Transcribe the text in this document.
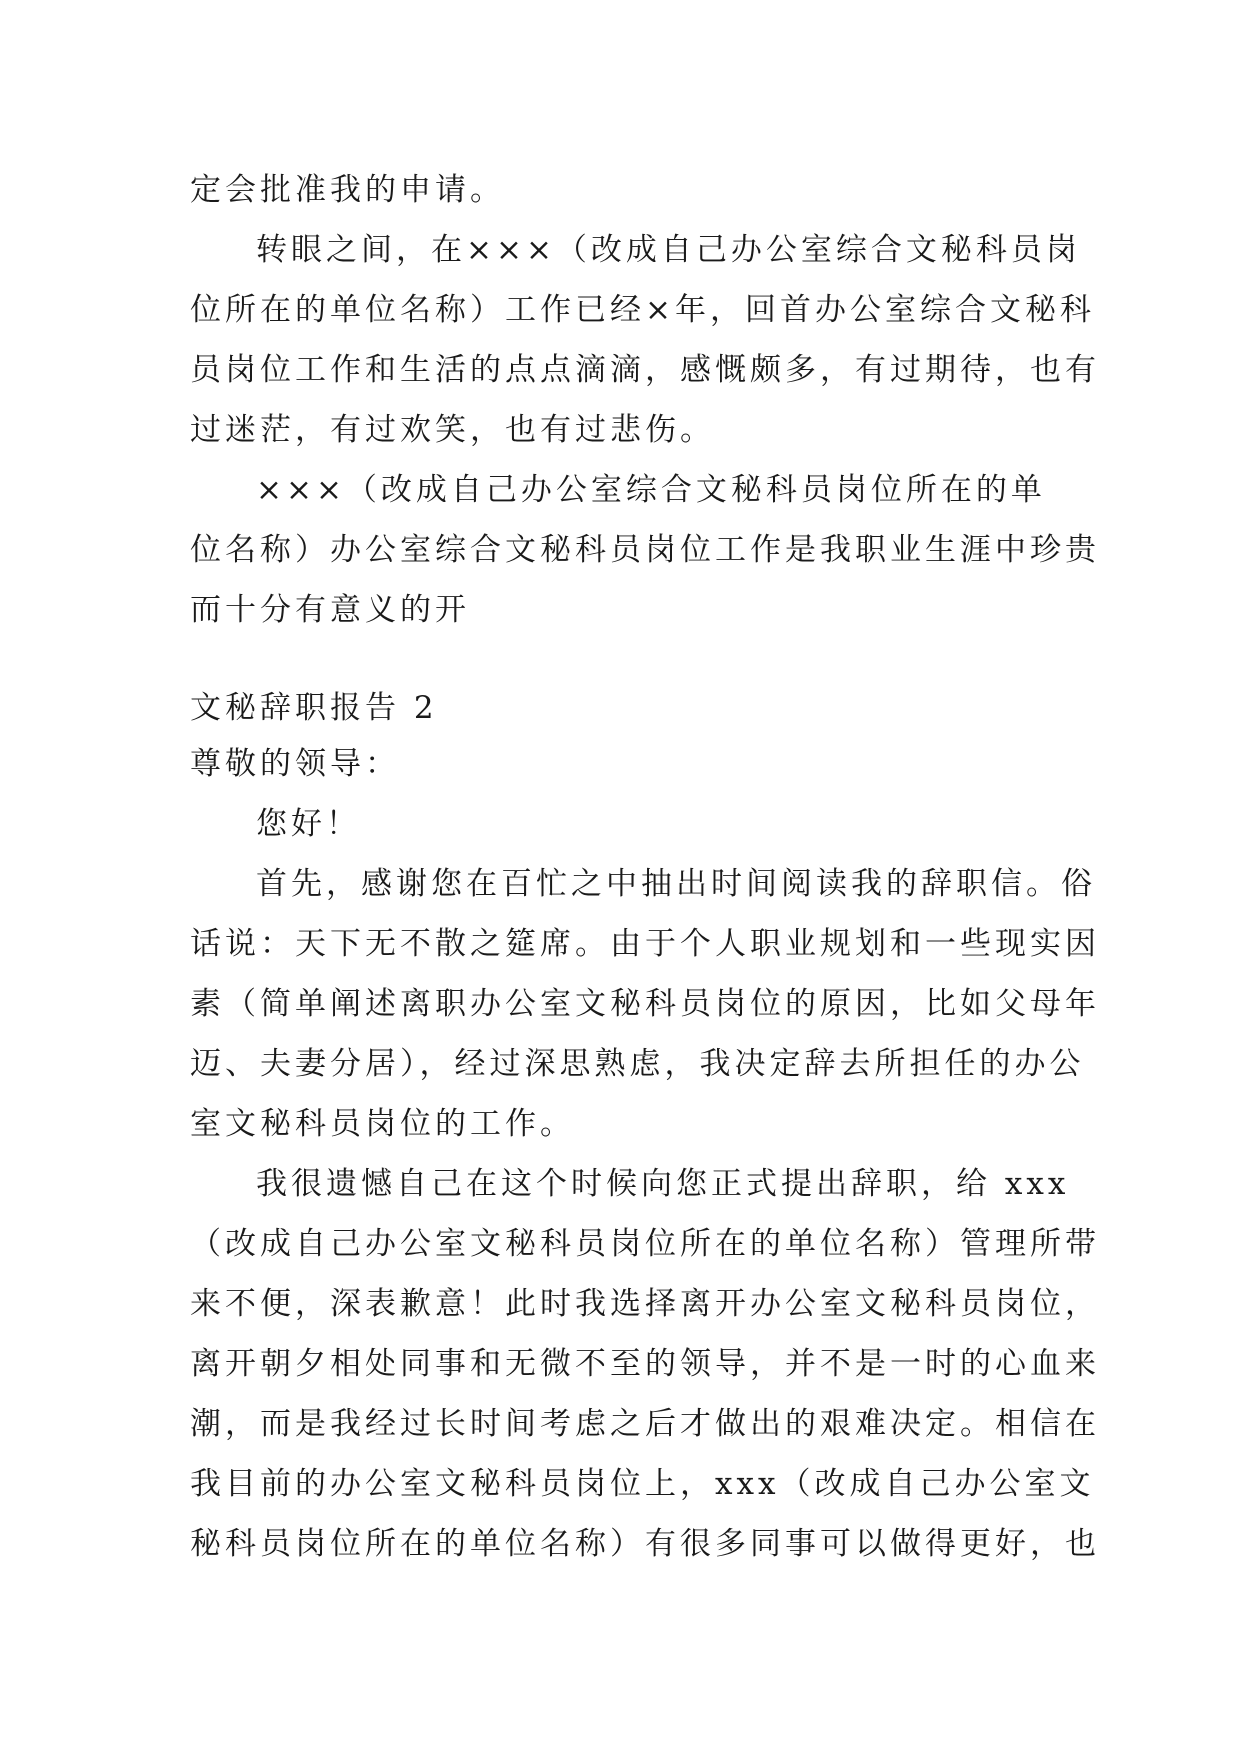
定会批准我的申请。
转眼之间，在×××（改成自己办公室综合文秘科员岗
位所在的单位名称）工作已经×年，回首办公室综合文秘科
员岗位工作和生活的点点滴滴，感慨颇多，有过期待，也有
过迷茫，有过欢笑，也有过悲伤。
×××（改成自己办公室综合文秘科员岗位所在的单
位名称）办公室综合文秘科员岗位工作是我职业生涯中珍贵
而十分有意义的开
文秘辞职报告 2
尊敬的领导：
您好！
首先，感谢您在百忙之中抽出时间阅读我的辞职信。俗
话说：天下无不散之筵席。由于个人职业规划和一些现实因
素（简单阐述离职办公室文秘科员岗位的原因，比如父母年
迈、夫妻分居），经过深思熟虑，我决定辞去所担任的办公
室文秘科员岗位的工作。
我很遗憾自己在这个时候向您正式提出辞职，给 xxx
（改成自己办公室文秘科员岗位所在的单位名称）管理所带
来不便，深表歉意！此时我选择离开办公室文秘科员岗位，
离开朝夕相处同事和无微不至的领导，并不是一时的心血来
潮，而是我经过长时间考虑之后才做出的艰难决定。相信在
我目前的办公室文秘科员岗位上，xxx（改成自己办公室文
秘科员岗位所在的单位名称）有很多同事可以做得更好，也
